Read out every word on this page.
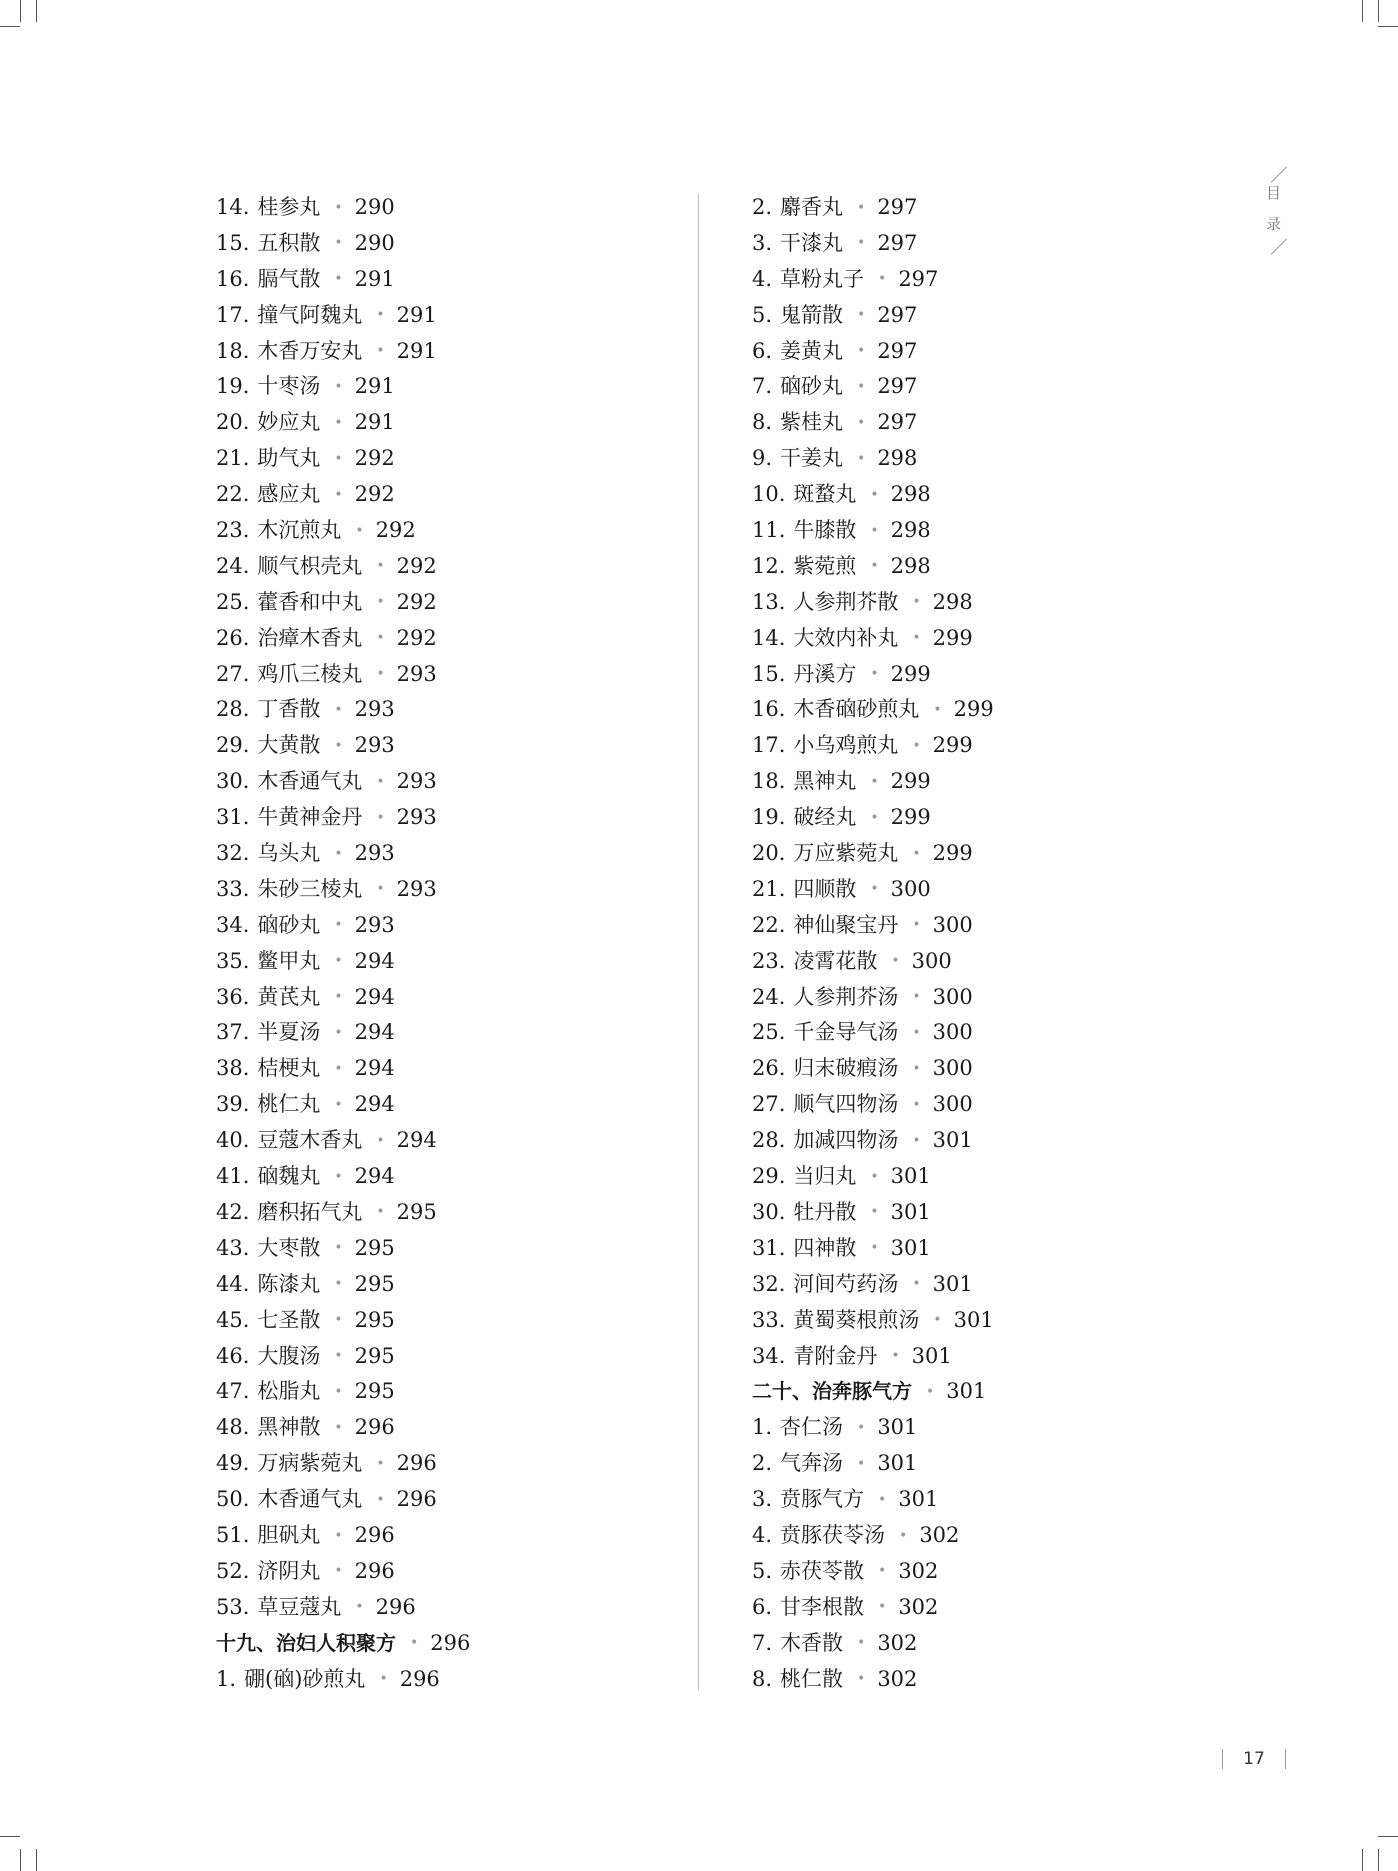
目
录
14. 桂参丸 • 290
15. 五积散 • 290
16. 膈气散 • 291
17. 撞气阿魏丸 • 291
18. 木香万安丸 • 291
19. 十枣汤 • 291
20. 妙应丸 • 291
21. 助气丸 • 292
22. 感应丸 • 292
23. 木沉煎丸 • 292
24. 顺气枳壳丸 • 292
25. 藿香和中丸 • 292
26. 治瘴木香丸 • 292
27. 鸡爪三棱丸 • 293
28. 丁香散 • 293
29. 大黄散 • 293
30. 木香通气丸 • 293
31. 牛黄神金丹 • 293
32. 乌头丸 • 293
33. 朱砂三棱丸 • 293
34. 硇砂丸 • 293
35. 鳖甲丸 • 294
36. 黄芪丸 • 294
37. 半夏汤 • 294
38. 桔梗丸 • 294
39. 桃仁丸 • 294
40. 豆蔻木香丸 • 294
41. 硇魏丸 • 294
42. 磨积拓气丸 • 295
43. 大枣散 • 295
44. 陈漆丸 • 295
45. 七圣散 • 295
46. 大腹汤 • 295
47. 松脂丸 • 295
48. 黑神散 • 296
49. 万病紫菀丸 • 296
50. 木香通气丸 • 296
51. 胆矾丸 • 296
52. 济阴丸 • 296
53. 草豆蔻丸 • 296
十九、治妇人积聚方 • 296
1. 硼(硇)砂煎丸 • 296
2. 麝香丸 • 297
3. 干漆丸 • 297
4. 草粉丸子 • 297
5. 鬼箭散 • 297
6. 姜黄丸 • 297
7. 硇砂丸 • 297
8. 紫桂丸 • 297
9. 干姜丸 • 298
10. 斑蝥丸 • 298
11. 牛膝散 • 298
12. 紫菀煎 • 298
13. 人参荆芥散 • 298
14. 大效内补丸 • 299
15. 丹溪方 • 299
16. 木香硇砂煎丸 • 299
17. 小乌鸡煎丸 • 299
18. 黑神丸 • 299
19. 破经丸 • 299
20. 万应紫菀丸 • 299
21. 四顺散 • 300
22. 神仙聚宝丹 • 300
23. 凌霄花散 • 300
24. 人参荆芥汤 • 300
25. 千金导气汤 • 300
26. 归末破瘕汤 • 300
27. 顺气四物汤 • 300
28. 加减四物汤 • 301
29. 当归丸 • 301
30. 牡丹散 • 301
31. 四神散 • 301
32. 河间芍药汤 • 301
33. 黄蜀葵根煎汤 • 301
34. 青附金丹 • 301
二十、治奔豚气方 • 301
1. 杏仁汤 • 301
2. 气奔汤 • 301
3. 贲豚气方 • 301
4. 贲豚茯苓汤 • 302
5. 赤茯苓散 • 302
6. 甘李根散 • 302
7. 木香散 • 302
8. 桃仁散 • 302
17
